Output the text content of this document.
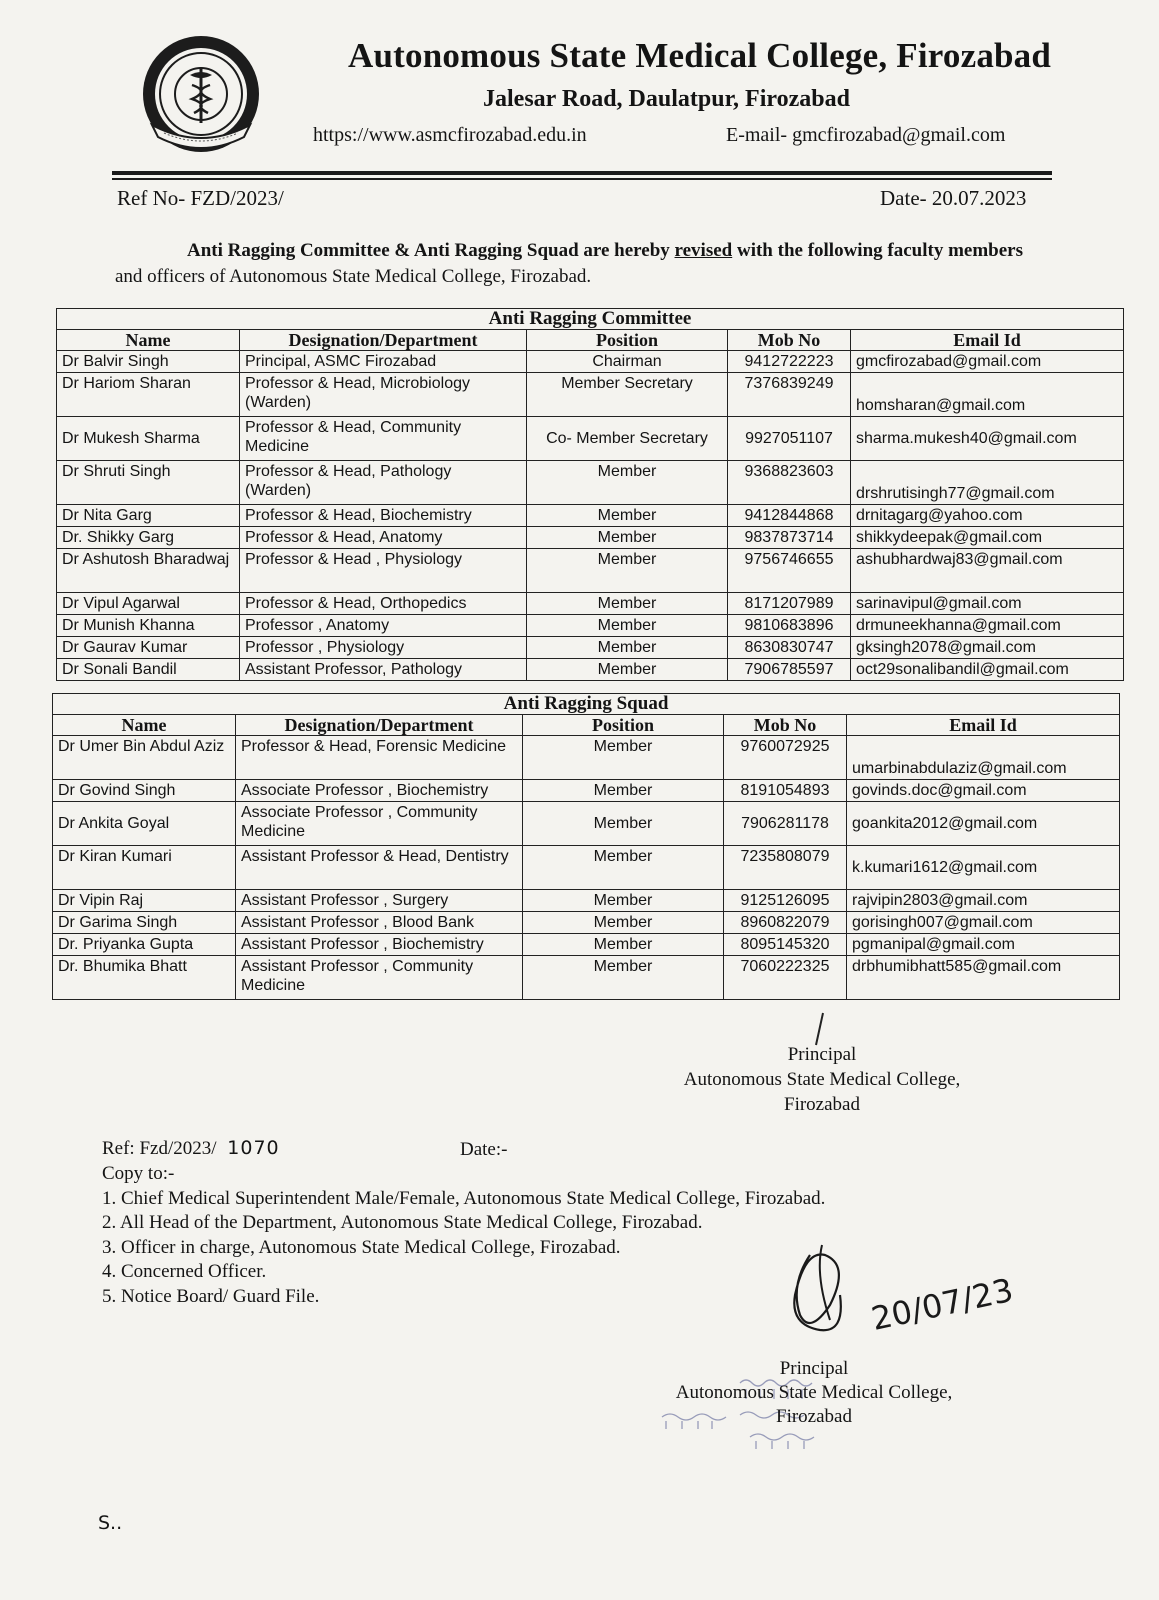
Autonomous State Medical College, Firozabad
Jalesar Road, Daulatpur, Firozabad
https://www.asmcfirozabad.edu.in	E-mail- gmcfirozabad@gmail.com
Ref No- FZD/2023/	Date- 20.07.2023
Anti Ragging Committee & Anti Ragging Squad are hereby revised with the following faculty members
and officers of Autonomous State Medical College, Firozabad.
Anti Ragging Committee				
Name	Designation/Department	Position	Mob No	Email Id
Dr Balvir Singh	Principal, ASMC Firozabad	Chairman	9412722223	gmcfirozabad@gmail.com
Dr Hariom Sharan	Professor & Head, Microbiology (Warden)	Member Secretary	7376839249	homsharan@gmail.com
Dr Mukesh Sharma	Professor & Head, Community Medicine	Co- Member Secretary	9927051107	sharma.mukesh40@gmail.com
Dr Shruti Singh	Professor & Head, Pathology (Warden)	Member	9368823603	drshrutisingh77@gmail.com
Dr Nita Garg	Professor & Head, Biochemistry	Member	9412844868	drnitagarg@yahoo.com
Dr. Shikky Garg	Professor & Head, Anatomy	Member	9837873714	shikkydeepak@gmail.com
Dr Ashutosh Bharadwaj	Professor & Head , Physiology	Member	9756746655	ashubhardwaj83@gmail.com
Dr Vipul Agarwal	Professor & Head, Orthopedics	Member	8171207989	sarinavipul@gmail.com
Dr Munish Khanna	Professor , Anatomy	Member	9810683896	drmuneekhanna@gmail.com
Dr Gaurav Kumar	Professor , Physiology	Member	8630830747	gksingh2078@gmail.com
Dr Sonali Bandil	Assistant Professor, Pathology	Member	7906785597	oct29sonalibandil@gmail.com
Anti Ragging Squad				
Name	Designation/Department	Position	Mob No	Email Id
Dr Umer Bin Abdul Aziz	Professor & Head, Forensic Medicine	Member	9760072925	umarbinabdulaziz@gmail.com
Dr Govind Singh	Associate Professor , Biochemistry	Member	8191054893	govinds.doc@gmail.com
Dr Ankita Goyal	Associate Professor , Community Medicine	Member	7906281178	goankita2012@gmail.com
Dr Kiran Kumari	Assistant Professor & Head, Dentistry	Member	7235808079	k.kumari1612@gmail.com
Dr Vipin Raj	Assistant Professor , Surgery	Member	9125126095	rajvipin2803@gmail.com
Dr Garima Singh	Assistant Professor , Blood Bank	Member	8960822079	gorisingh007@gmail.com
Dr. Priyanka Gupta	Assistant Professor , Biochemistry	Member	8095145320	pgmanipal@gmail.com
Dr. Bhumika Bhatt	Assistant Professor , Community Medicine	Member	7060222325	drbhumibhatt585@gmail.com
Principal
Autonomous State Medical College,
Firozabad
Ref: Fzd/2023/ 1070	Date:-
Copy to:-
1. Chief Medical Superintendent Male/Female, Autonomous State Medical College, Firozabad.
2. All Head of the Department, Autonomous State Medical College, Firozabad.
3. Officer in charge, Autonomous State Medical College, Firozabad.
4. Concerned Officer.
5. Notice Board/ Guard File.	20/07/23
Principal
Autonomous State Medical College,
Firozabad
S..
